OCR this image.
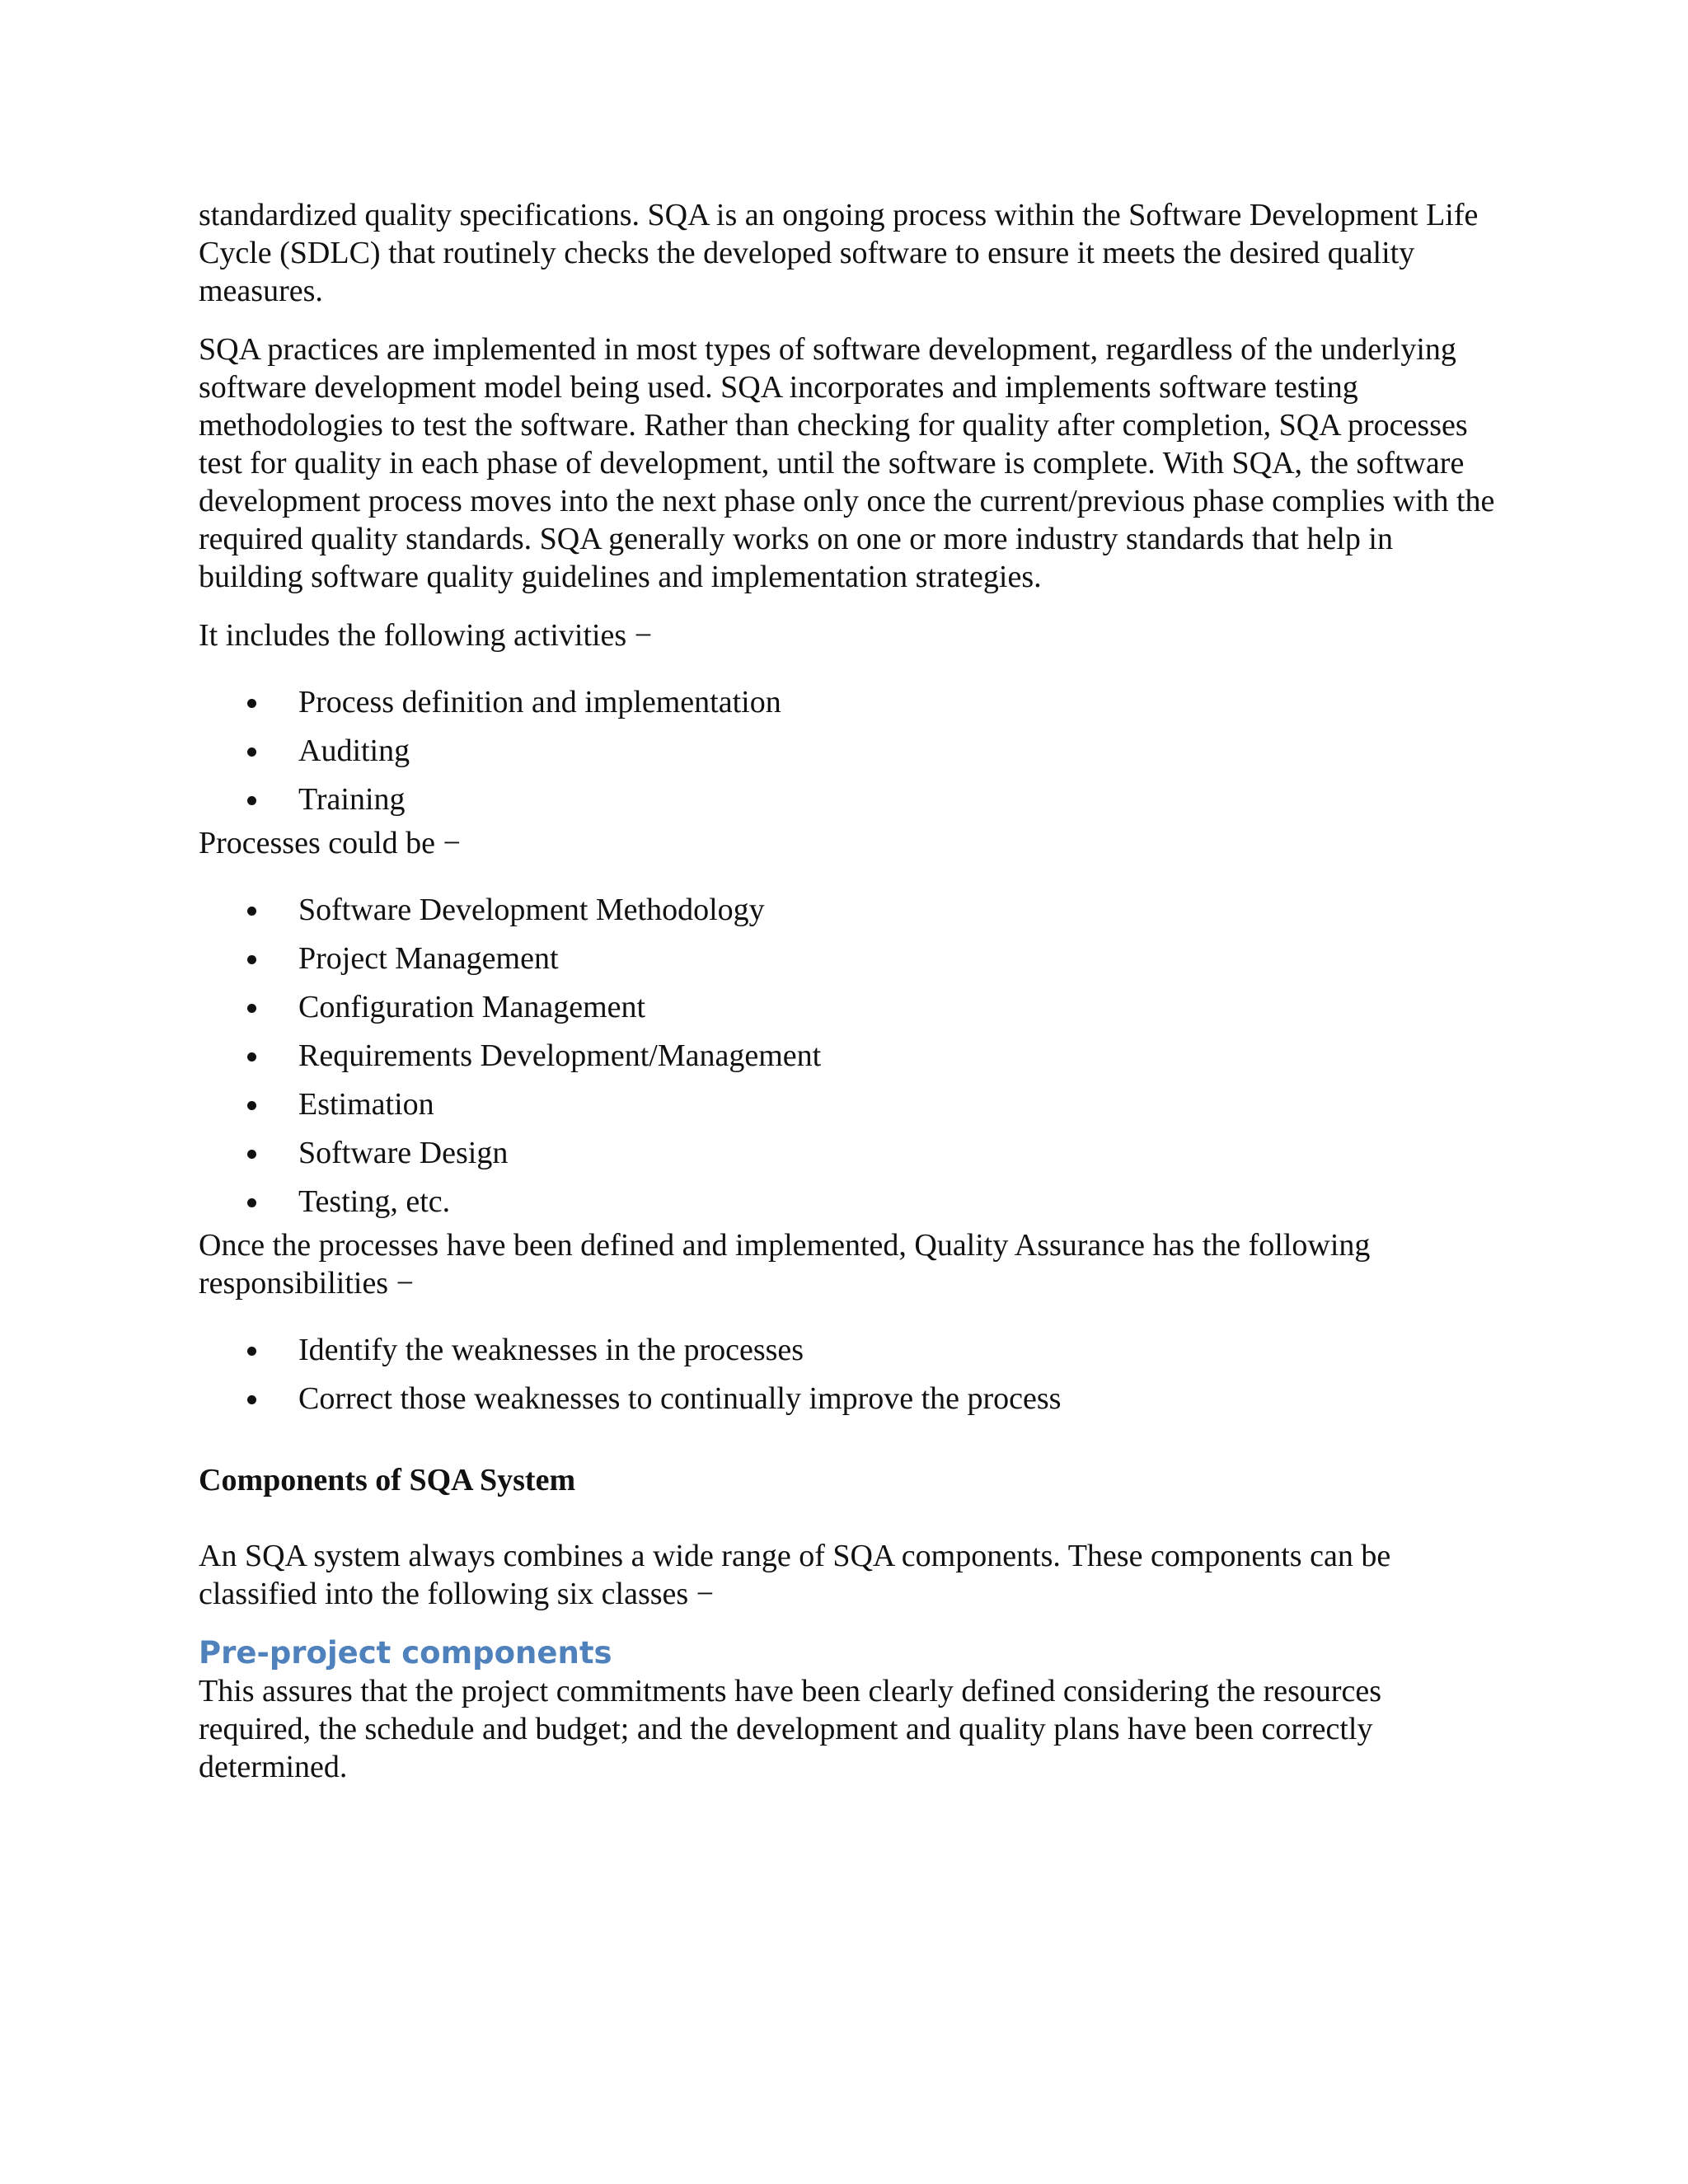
standardized quality specifications. SQA is an ongoing process within the Software Development Life Cycle (SDLC) that routinely checks the developed software to ensure it meets the desired quality measures.

SQA practices are implemented in most types of software development, regardless of the underlying software development model being used. SQA incorporates and implements software testing methodologies to test the software. Rather than checking for quality after completion, SQA processes test for quality in each phase of development, until the software is complete. With SQA, the software development process moves into the next phase only once the current/previous phase complies with the required quality standards. SQA generally works on one or more industry standards that help in building software quality guidelines and implementation strategies.

It includes the following activities −

Process definition and implementation
Auditing
Training

Processes could be −

Software Development Methodology
Project Management
Configuration Management
Requirements Development/Management
Estimation
Software Design
Testing, etc.

Once the processes have been defined and implemented, Quality Assurance has the following responsibilities −

Identify the weaknesses in the processes
Correct those weaknesses to continually improve the process

Components of SQA System

An SQA system always combines a wide range of SQA components. These components can be classified into the following six classes −

Pre-project components

This assures that the project commitments have been clearly defined considering the resources required, the schedule and budget; and the development and quality plans have been correctly determined.
